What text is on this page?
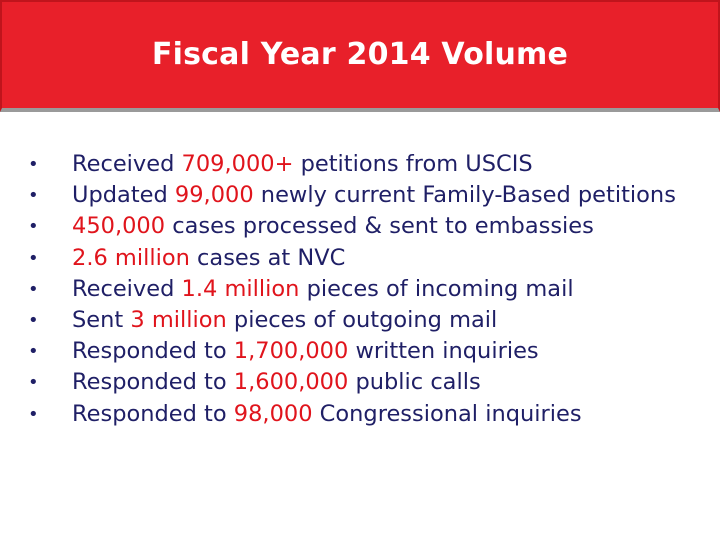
Fiscal Year 2014 Volume
•	Received 709,000+ petitions from USCIS
•	Updated 99,000 newly current Family-Based petitions
•	450,000 cases processed & sent to embassies
•	2.6 million cases at NVC
•	Received 1.4 million pieces of incoming mail
•	Sent 3 million pieces of outgoing mail
•	Responded to 1,700,000 written inquiries
•	Responded to 1,600,000 public calls
•	Responded to 98,000 Congressional inquiries
